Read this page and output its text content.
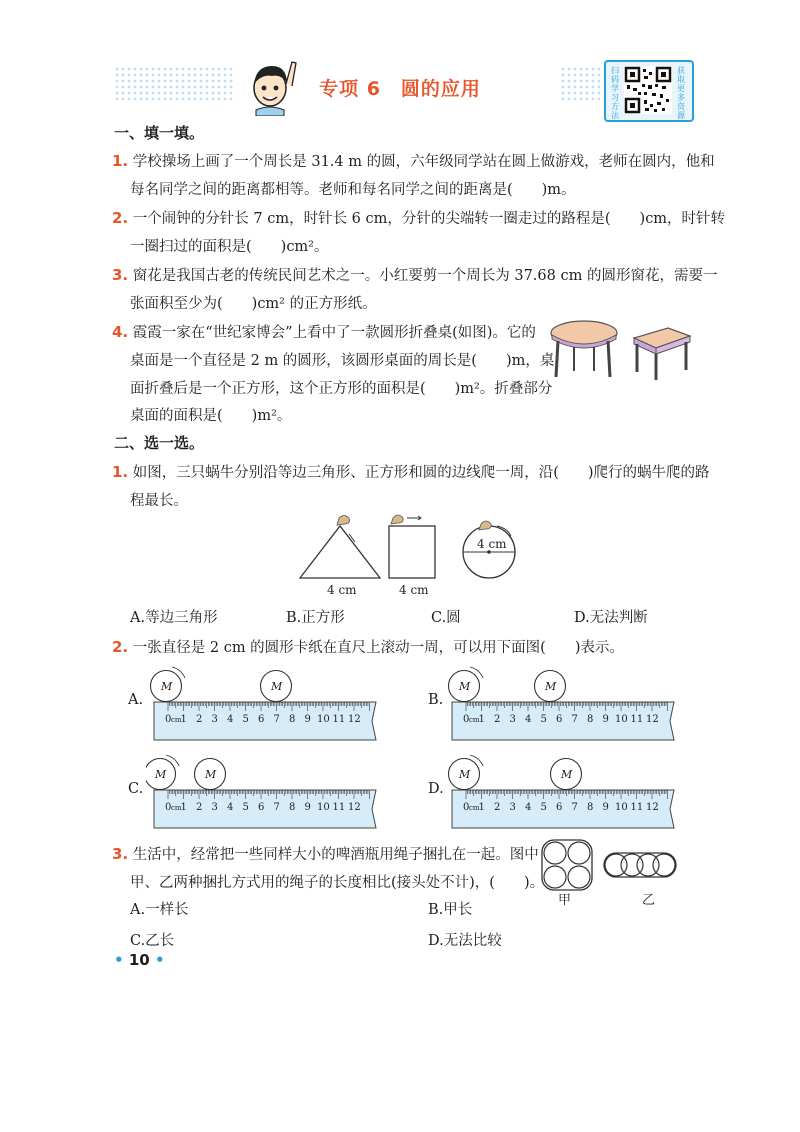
专项 6　圆的应用
扫码学习方法
获取更多资源
一、填一填。
1. 学校操场上画了一个周长是 31.4 m 的圆，六年级同学站在圆上做游戏，老师在圆内，他和
每名同学之间的距离都相等。老师和每名同学之间的距离是(　　)m。
2. 一个闹钟的分针长 7 cm，时针长 6 cm，分针的尖端转一圈走过的路程是(　　)cm，时针转
一圈扫过的面积是(　　)cm²。
3. 窗花是我国古老的传统民间艺术之一。小红要剪一个周长为 37.68 cm 的圆形窗花，需要一
张面积至少为(　　)cm² 的正方形纸。
4. 霞霞一家在“世纪家博会”上看中了一款圆形折叠桌(如图)。它的
桌面是一个直径是 2 m 的圆形，该圆形桌面的周长是(　　)m，桌
面折叠后是一个正方形，这个正方形的面积是(　　)m²。折叠部分
桌面的面积是(　　)m²。
二、选一选。
1. 如图，三只蜗牛分别沿等边三角形、正方形和圆的边线爬一周，沿(　　)爬行的蜗牛爬的路
程最长。
4 cm
4 cm	4 cm
A.等边三角形	B.正方形	C.圆	D.无法判断
2. 一张直径是 2 cm 的圆形卡纸在直尺上滚动一周，可以用下面图(　　)表示。
A.	B.
C.	D.
0 1 2 3 4 5 6 7 8 9 10 11 12
cm
M	M
0 1 2 3 4 5 6 7 8 9 10 11 12
cm
M	M
0 1 2 3 4 5 6 7 8 9 10 11 12
cm
M	M
0 1 2 3 4 5 6 7 8 9 10 11 12
cm
M	M
3. 生活中，经常把一些同样大小的啤酒瓶用绳子捆扎在一起。图中
甲、乙两种捆扎方式用的绳子的长度相比(接头处不计)，(　　)。
甲	乙
A.一样长	B.甲长
C.乙长	D.无法比较
• 10 •
